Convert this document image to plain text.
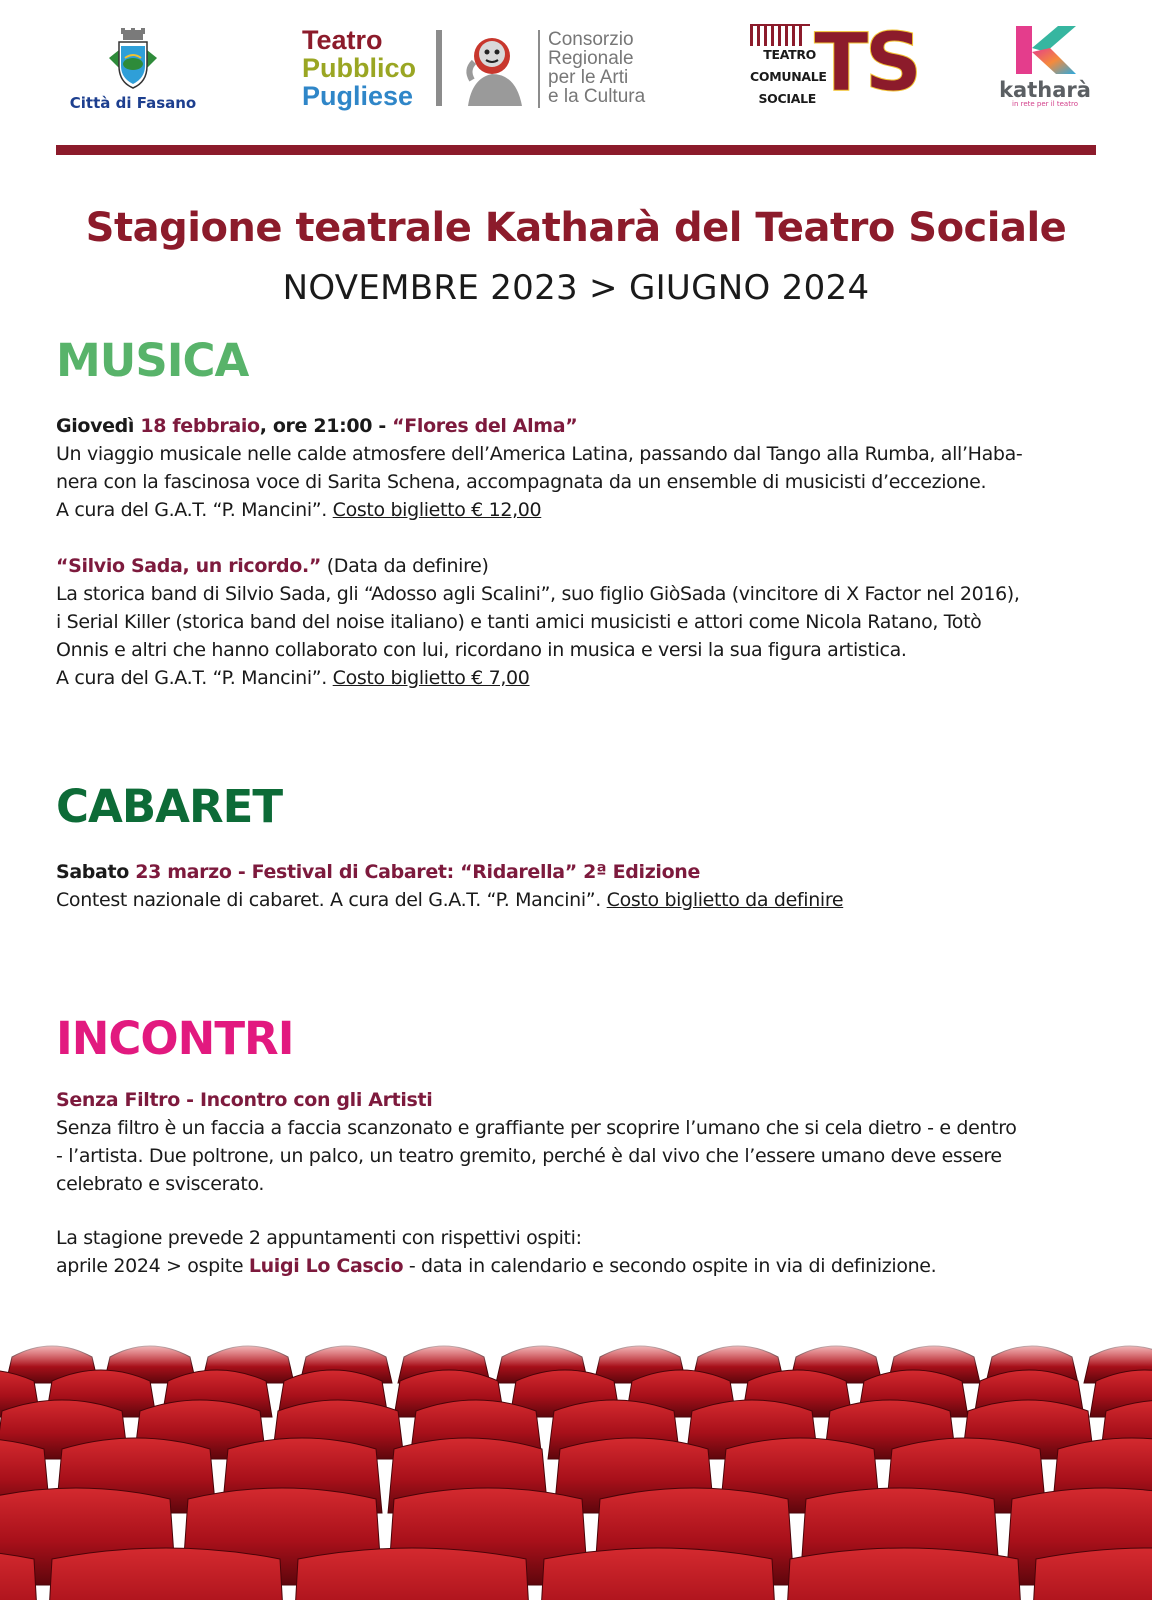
Città di Fasano
Teatro
Pubblico
Pugliese
Consorzio
Regionale
per le Arti
e la Cultura
TEATRO
COMUNALE
SOCIALE
TS	katharà
in rete per il teatro
Stagione teatrale Katharà del Teatro Sociale
NOVEMBRE 2023 > GIUGNO 2024
MUSICA

Giovedì 18 febbraio, ore 21:00 - “Flores del Alma”

Un viaggio musicale nelle calde atmosfere dell’America Latina, passando dal Tango alla Rumba, all’Haba-

nera con la fascinosa voce di Sarita Schena, accompagnata da un ensemble di musicisti d’eccezione.

A cura del G.A.T. “P. Mancini”. Costo biglietto € 12,00

“Silvio Sada, un ricordo.” (Data da definire)

La storica band di Silvio Sada, gli “Adosso agli Scalini”, suo figlio GiòSada (vincitore di X Factor nel 2016),

i Serial Killer (storica band del noise italiano) e tanti amici musicisti e attori come Nicola Ratano, Totò

Onnis e altri che hanno collaborato con lui, ricordano in musica e versi la sua figura artistica.

A cura del G.A.T. “P. Mancini”. Costo biglietto € 7,00

CABARET

Sabato 23 marzo - Festival di Cabaret: “Ridarella” 2ª Edizione

Contest nazionale di cabaret. A cura del G.A.T. “P. Mancini”. Costo biglietto da definire

INCONTRI

Senza Filtro - Incontro con gli Artisti

Senza filtro è un faccia a faccia scanzonato e graffiante per scoprire l’umano che si cela dietro - e dentro

- l’artista. Due poltrone, un palco, un teatro gremito, perché è dal vivo che l’essere umano deve essere

celebrato e sviscerato.

La stagione prevede 2 appuntamenti con rispettivi ospiti:

aprile 2024 > ospite Luigi Lo Cascio - data in calendario e secondo ospite in via di definizione.
